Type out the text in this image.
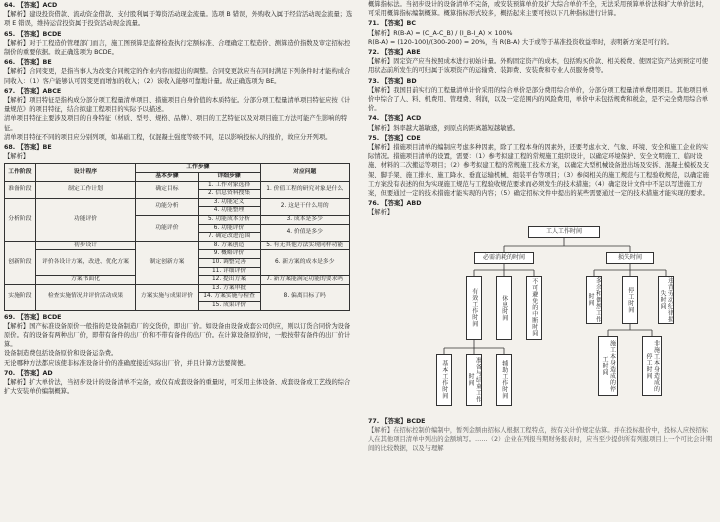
64. 【答案】ACD

【解析】建设投资借款、流动资金借款、支付股利属于筹资活动现金流量。选项 B 错误，外购收入属于经营活动现金流量；选项 E 错误，维持运营投资属于投资活动现金流量。

65. 【答案】BCDE

【解析】对于工程造价管理部门而言，施工图预算是监督检查执行定额标准、合理确定工程造价、测算造价指数及审定招标控制价的重要依据。故正确选项为 BCDE。

66. 【答案】BE

【解析】合同变更，是指当事人为改变合同规定的作业内容而提出的调整。合同变更款应当在同时满足下列条件时才能构成合同收入：（1）客户能够认可因变更而增加的收入；（2）该收入能够可靠地计量。故正确选项为 BE。

67. 【答案】ABCE

【解析】项目特征是指构成分部分项工程量清单项目、措施项目自身价值的本质特征。分部分项工程量清单项目特征应按《计量规范》的项目特征，结合拟建工程项目的实际予以描述。

清单项目特征主要涉及项目的自身特征（材质、型号、规格、品牌）、项目的工艺特征以及对项目施工方法可能产生影响的特征。

清单项目特征不同的项目应分别列项，如基础工程，仅混凝土强度等级不同，足以影响投标人的报价，故应分开列项。

68. 【答案】BE
【解析】
工作阶段	设计程序	工作步骤		对应问题
		基本步骤	详细步骤	
准备阶段	制定工作计划	确定目标	1. 工作对象选择	1. 价值工程的研究对象是什么
			2. 信息资料搜集	
分析阶段	功能评价	功能分析	3. 功能定义	2. 这是干什么用的
			4. 功能整理	
		功能评价	5. 功能成本分析	3. 成本是多少
			6. 功能评价	4. 价值是多少
			7. 确定改进范围	
创新阶段	初步设计	制定创新方案	8. 方案创造	5. 有无其他方法实现同样功能
	评价各设计方案，改进、优化方案		9. 概略评价	6. 新方案的成本是多少
			10. 调整完善	
			11. 详细评价	
	方案书面化		12. 提出方案	7. 新方案能满足功能的要求吗
实施阶段	检查实施情况并评价活动成果	方案实施与成果评价	13. 方案审批	8. 偏离目标了吗
			14. 方案实施与检查	
			15. 成果评价	
69. 【答案】BCDE

【解析】国产标准设备原价一般指的是设备制造厂的交货价，即出厂价。如设备由设备成套公司供应，则以订货合同价为设备原价。有的设备有两种出厂价，即带有备件的出厂价和不带有备件的出厂价。在计算设备原价时，一般按带有备件的出厂价计算。

设备制造费包括设备原价和设备运杂费。

无论哪种方法都应该使非标准设备计价的准确度接近实际出厂价，并且计算方法要简便。

70. 【答案】AD

【解析】扩大单价法，当初步设计的设备清单不完备，或仅有成套设备的重量时，可采用主体设备、成套设备或工艺线的综合扩大安装单价编制概算。

概算指标法。当初步设计的设备清单不完备，或安装预算单价及扩大综合单价不全，无法采用预算单价法和扩大单价法时，可采用概算指标编制概算。概算指标形式较多，概括起来主要可按以下几种指标进行计算。

71. 【答案】BC

【解析】R(B-A) = (C_A-C_B) / (I_B-I_A) × 100%

R(B-A) = (120-100)/(300-200) = 20%，当 R(B-A) 大于或等于基准投资收益率时，表明新方案是可行的。

72. 【答案】ABE

【解析】固定资产应当按照成本进行初始计量。外购固定资产的成本，包括购买价款、相关税费、使固定资产达到预定可使用状态前所发生的可归属于该项资产的运输费、装卸费、安装费和专业人员服务费等。

73. 【答案】BD

【解析】我国目前实行的工程量清单计价采用的综合单价是部分费用综合单价，分部分项工程量清单费用项目。其他项目单价中综合了人、料、机费用、管理费、利润，以及一定范围内的风险费用，单价中未包括规费和税金，是不完全费用综合单价。

74. 【答案】ACD

【解析】斜率越大越敏感，到原点的距离越短越敏感。

75. 【答案】CDE

【解析】措施项目清单的编制应考虑多种因素，除了工程本身的因素外，还要考虑水文、气象、环境、安全和施工企业的实际情况。措施项目清单的设置，需要：（1）参考拟建工程的常规施工组织设计，以确定环境保护、安全文明施工、临时设施、材料的二次搬运等项目；（2）参考拟建工程的常规施工技术方案，以确定大型机械设备进出场及安拆、混凝土模板及支架、脚手架、施工排水、施工降水、垂直运输机械、组装平台等项目；（3）参阅相关的施工规范与工程验收规范，以确定施工方案没有表述的但为实现施工规范与工程验收规范要求而必须发生的技术措施；（4）确定设计文件中不足以写进施工方案，但要通过一定的技术措施才能实现的内容；（5）确定招标文件中提出的某些需要通过一定的技术措施才能实现的要求。

76. 【答案】ABD
【解析】
工人工作时间
必需消耗的时间	损失时间
有效工作时间	休息时间	不可避免的中断时间	多余和偶然工作时间	停工时间	违背劳动纪律损失时间
基本工作时间	准备与结束工作时间	辅助工作时间	施工本身造成的停工时间	非施工本身造成的停工时间
77. 【答案】BCDE

【解析】在招标控制价编制中，暂列金额由招标人根据工程特点，按有关计价规定估算。并在投标报价中，投标人应按招标人在其他项目清单中列出的金额填写。……（2）企业在列报当期财务报表时，应当至少提供所有列报项目上一个可比会计期间的比较数据，以及与理解
